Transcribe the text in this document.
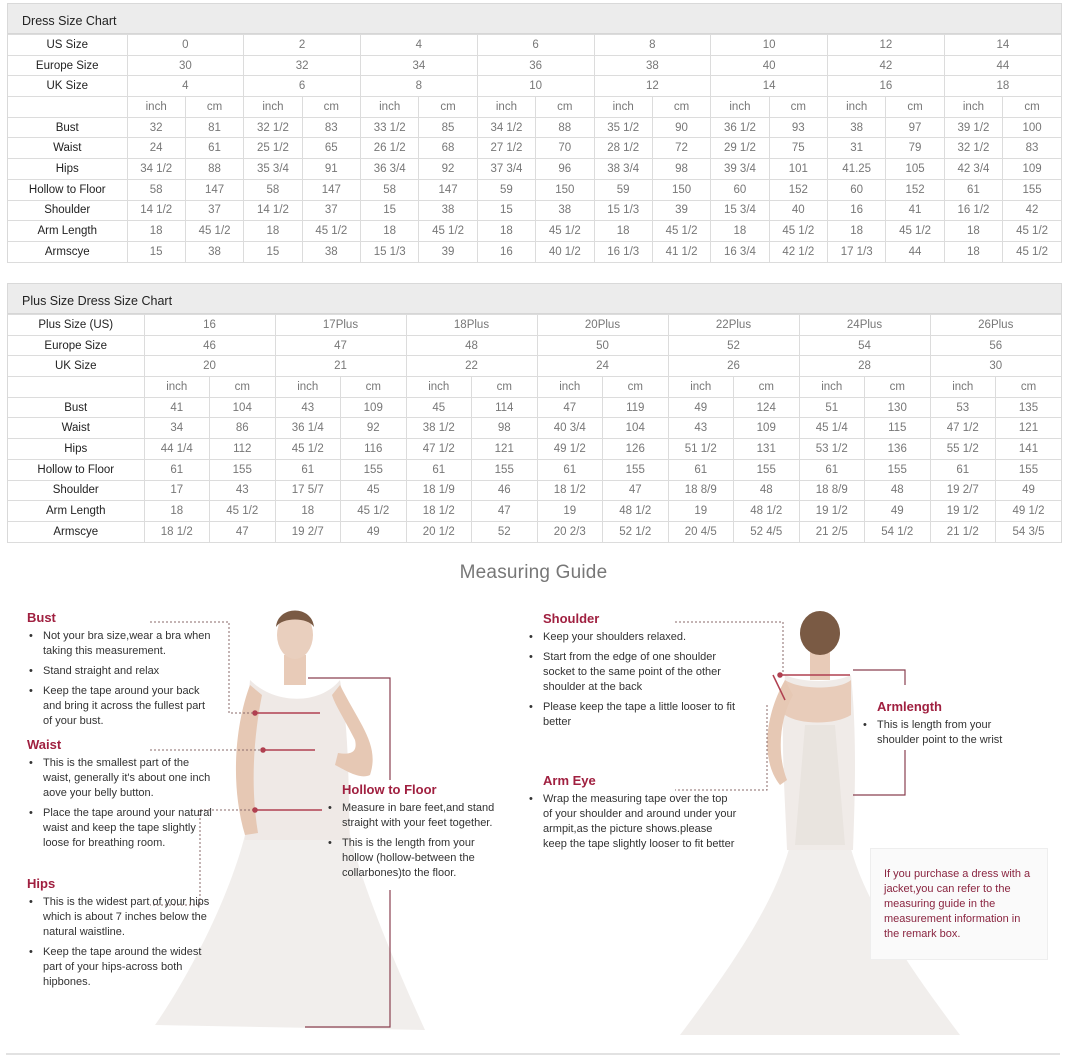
Dress Size Chart
US Size	0		2		4		6		8		10		12		14	
Europe Size	30		32		34		36		38		40		42		44	
UK Size	4		6		8		10		12		14		16		18	
	inch	cm	inch	cm	inch	cm	inch	cm	inch	cm	inch	cm	inch	cm	inch	cm
Bust	32	81	32 1/2	83	33 1/2	85	34 1/2	88	35 1/2	90	36 1/2	93	38	97	39 1/2	100
Waist	24	61	25 1/2	65	26 1/2	68	27 1/2	70	28 1/2	72	29 1/2	75	31	79	32 1/2	83
Hips	34 1/2	88	35 3/4	91	36 3/4	92	37 3/4	96	38 3/4	98	39 3/4	101	41.25	105	42 3/4	109
Hollow to Floor	58	147	58	147	58	147	59	150	59	150	60	152	60	152	61	155
Shoulder	14 1/2	37	14 1/2	37	15	38	15	38	15 1/3	39	15 3/4	40	16	41	16 1/2	42
Arm Length	18	45 1/2	18	45 1/2	18	45 1/2	18	45 1/2	18	45 1/2	18	45 1/2	18	45 1/2	18	45 1/2
Armscye	15	38	15	38	15 1/3	39	16	40 1/2	16 1/3	41 1/2	16 3/4	42 1/2	17 1/3	44	18	45 1/2
Plus Size Dress Size Chart
Plus Size (US)	16		17Plus		18Plus		20Plus		22Plus		24Plus		26Plus	
Europe Size	46		47		48		50		52		54		56	
UK Size	20		21		22		24		26		28		30	
	inch	cm	inch	cm	inch	cm	inch	cm	inch	cm	inch	cm	inch	cm
Bust	41	104	43	109	45	114	47	119	49	124	51	130	53	135
Waist	34	86	36 1/4	92	38 1/2	98	40 3/4	104	43	109	45 1/4	115	47 1/2	121
Hips	44 1/4	112	45 1/2	116	47 1/2	121	49 1/2	126	51 1/2	131	53 1/2	136	55 1/2	141
Hollow to Floor	61	155	61	155	61	155	61	155	61	155	61	155	61	155
Shoulder	17	43	17 5/7	45	18 1/9	46	18 1/2	47	18 8/9	48	18 8/9	48	19 2/7	49
Arm Length	18	45 1/2	18	45 1/2	18 1/2	47	19	48 1/2	19	48 1/2	19 1/2	49	19 1/2	49 1/2
Armscye	18 1/2	47	19 2/7	49	20 1/2	52	20 2/3	52 1/2	20 4/5	52 4/5	21 2/5	54 1/2	21 1/2	54 3/5
Measuring Guide
Bust
• Not your bra size,wear a bra when taking this measurement.
• Stand straight and relax
• Keep the tape around your back and bring it across the fullest part of your bust.
Waist
• This is the smallest part of the waist, generally it's about one inch aove your belly button.
• Place the tape around your natural waist and keep the tape slightly loose for breathing room.
Hips
• This is the widest part of your hips which is about 7 inches below the natural waistline.
• Keep the tape around the widest part of your hips-across both hipbones.
Hollow to Floor
• Measure in bare feet,and stand straight with your feet together.
• This is the length from your hollow (hollow-between the collarbones)to the floor.
Shoulder
• Keep your shoulders relaxed.
• Start from the edge of one shoulder socket to the same point of the other shoulder at the back
• Please keep the tape a little looser to fit better
Arm Eye
• Wrap the measuring tape over the top of your shoulder and around under your armpit,as the picture shows.please keep the tape slightly looser to fit better
Armlength
• This is length from your shoulder point to the wrist
If you purchase a dress with a jacket,you can refer to the measuring guide in the measurement information in the remark box.
